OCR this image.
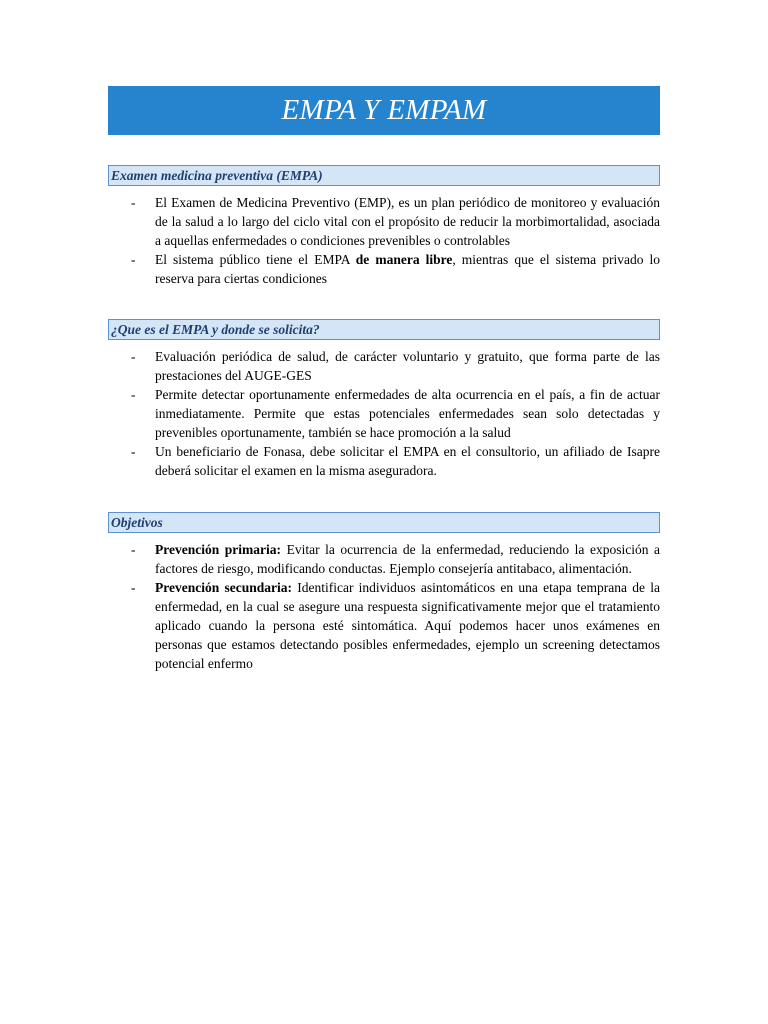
EMPA Y EMPAM
Examen medicina preventiva (EMPA)
- El Examen de Medicina Preventivo (EMP), es un plan periódico de monitoreo y evaluación de la salud a lo largo del ciclo vital con el propósito de reducir la morbimortalidad, asociada a aquellas enfermedades o condiciones prevenibles o controlables
- El sistema público tiene el EMPA de manera libre, mientras que el sistema privado lo reserva para ciertas condiciones
¿Que es el EMPA y donde se solicita?
- Evaluación periódica de salud, de carácter voluntario y gratuito, que forma parte de las prestaciones del AUGE-GES
- Permite detectar oportunamente enfermedades de alta ocurrencia en el país, a fin de actuar inmediatamente. Permite que estas potenciales enfermedades sean solo detectadas y prevenibles oportunamente, también se hace promoción a la salud
- Un beneficiario de Fonasa, debe solicitar el EMPA en el consultorio, un afiliado de Isapre deberá solicitar el examen en la misma aseguradora.
Objetivos
- Prevención primaria: Evitar la ocurrencia de la enfermedad, reduciendo la exposición a factores de riesgo, modificando conductas. Ejemplo consejería antitabaco, alimentación.
- Prevención secundaria: Identificar individuos asintomáticos en una etapa temprana de la enfermedad, en la cual se asegure una respuesta significativamente mejor que el tratamiento aplicado cuando la persona esté sintomática. Aquí podemos hacer unos exámenes en personas que estamos detectando posibles enfermedades, ejemplo un screening detectamos potencial enfermo
